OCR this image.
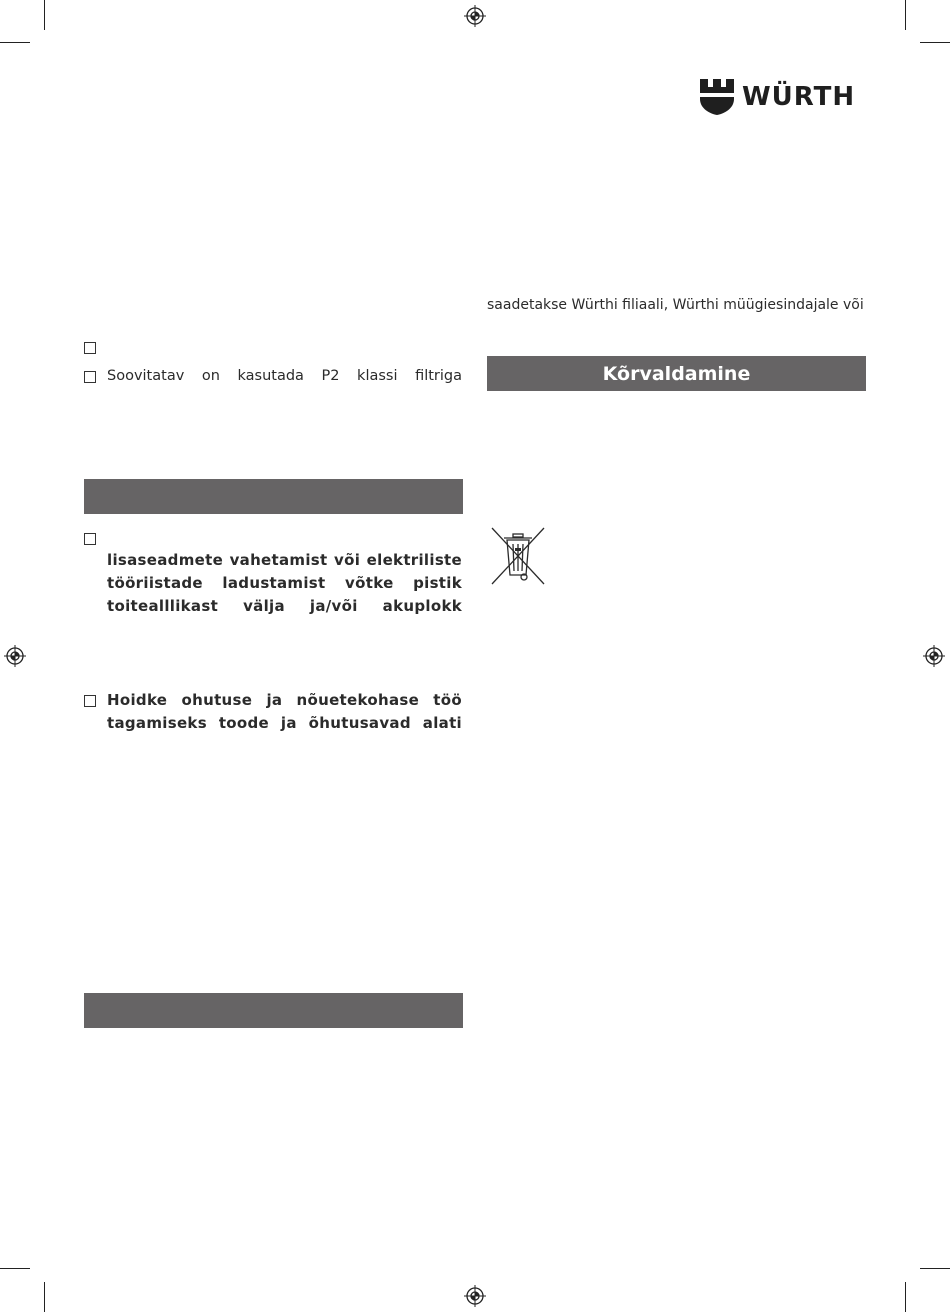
WÜRTH
saadetakse Würthi filiaali, Würthi müügiesindajale või
Soovitatav on kasutada P2 klassi filtriga	Kõrvaldamine
lisaseadmete vahetamist või elektriliste
tööriistade ladustamist võtke pistik
toitealllikast välja ja/või akuplokk
Hoidke ohutuse ja nõuetekohase töö
tagamiseks toode ja õhutusavad alati
